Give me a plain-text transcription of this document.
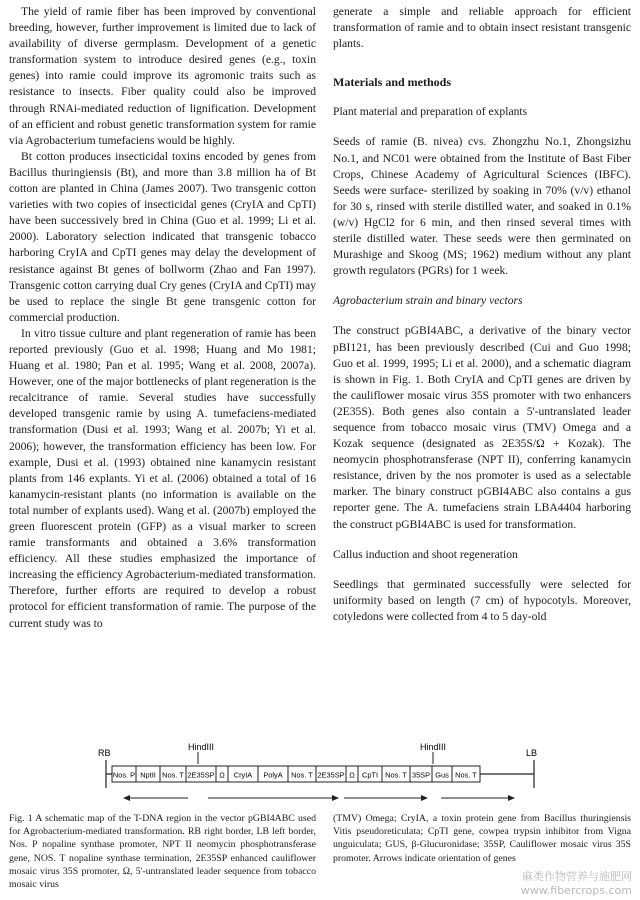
The yield of ramie fiber has been improved by conventional breeding, however, further improvement is limited due to lack of availability of diverse germplasm. Development of a genetic transformation system to introduce desired genes (e.g., toxin genes) into ramie could improve its agromonic traits such as resistance to insects. Fiber quality could also be improved through RNAi-mediated reduction of lignification. Development of an efficient and robust genetic transformation system for ramie via Agrobacterium tumefaciens would be highly.

Bt cotton produces insecticidal toxins encoded by genes from Bacillus thuringiensis (Bt), and more than 3.8 million ha of Bt cotton are planted in China (James 2007). Two transgenic cotton varieties with two copies of insecticidal genes (CryIA and CpTI) have been successively bred in China (Guo et al. 1999; Li et al. 2000). Laboratory selection indicated that transgenic tobacco harboring CryIA and CpTI genes may delay the development of resistance against Bt genes of bollworm (Zhao and Fan 1997). Transgenic cotton carrying dual Cry genes (CryIA and CpTI) may be used to replace the single Bt gene transgenic cotton for commercial production.

In vitro tissue culture and plant regeneration of ramie has been reported previously (Guo et al. 1998; Huang and Mo 1981; Huang et al. 1980; Pan et al. 1995; Wang et al. 2008, 2007a). However, one of the major bottlenecks of plant regeneration is the recalcitrance of ramie. Several studies have successfully developed transgenic ramie by using A. tumefaciens-mediated transformation (Dusi et al. 1993; Wang et al. 2007b; Yi et al. 2006); however, the transformation efficiency has been low. For example, Dusi et al. (1993) obtained nine kanamycin resistant plants from 146 explants. Yi et al. (2006) obtained a total of 16 kanamycin-resistant plants (no information is available on the total number of explants used). Wang et al. (2007b) employed the green fluorescent protein (GFP) as a visual marker to screen ramie transformants and obtained a 3.6% transformation efficiency. All these studies emphasized the importance of increasing the efficiency Agrobacterium-mediated transformation. Therefore, further efforts are required to develop a robust protocol for efficient transformation of ramie. The purpose of the current study was to

generate a simple and reliable approach for efficient transformation of ramie and to obtain insect resistant transgenic plants.

Materials and methods

Plant material and preparation of explants

Seeds of ramie (B. nivea) cvs. Zhongzhu No.1, Zhongsizhu No.1, and NC01 were obtained from the Institute of Bast Fiber Crops, Chinese Academy of Agricultural Sciences (IBFC). Seeds were surface- sterilized by soaking in 70% (v/v) ethanol for 30 s, rinsed with sterile distilled water, and soaked in 0.1% (w/v) HgCl2 for 6 min, and then rinsed several times with sterile distilled water. These seeds were then germinated on Murashige and Skoog (MS; 1962) medium without any plant growth regulators (PGRs) for 1 week.

Agrobacterium strain and binary vectors

The construct pGBI4ABC, a derivative of the binary vector pBI121, has been previously described (Cui and Guo 1998; Guo et al. 1999, 1995; Li et al. 2000), and a schematic diagram is shown in Fig. 1. Both CryIA and CpTI genes are driven by the cauliflower mosaic virus 35S promoter with two enhancers (2E35S). Both genes also contain a 5'-untranslated leader sequence from tobacco mosaic virus (TMV) Omega and a Kozak sequence (designated as 2E35S/Ω + Kozak). The neomycin phosphotransferase (NPT II), conferring kanamycin resistance, driven by the nos promoter is used as a selectable marker. The binary construct pGBI4ABC also contains a gus reporter gene. The A. tumefaciens strain LBA4404 harboring the construct pGBI4ABC is used for transformation.

Callus induction and shoot regeneration

Seedlings that germinated successfully were selected for uniformity based on length (7 cm) of hypocotyls. Moreover, cotyledons were collected from 4 to 5 day-old

RB	LB
HindIII	HindIII
Nos. P NptII Nos. T 2E35SP Ω CryIA PolyA Nos. T 2E35SP Ω CpTI Nos. T 35SP Gus Nos. T
Fig. 1 A schematic map of the T-DNA region in the vector pGBI4ABC used for Agrobacterium-mediated transformation. RB right border, LB left border, Nos. P nopaline synthase promoter, NPT II neomycin phosphotransferase gene, NOS. T nopaline synthase termination, 2E35SP enhanced cauliflower mosaic virus 35S promoter, Ω, 5'-untranslated leader sequence from tobacco mosaic virus
(TMV) Omega; CryIA, a toxin protein gene from Bacillus thuringiensis Vitis pseudoreticulata; CpTI gene, cowpea trypsin inhibitor from Vigna unguiculata; GUS, β-Glucuronidase; 35SP, Cauliflower mosaic virus 35S promoter. Arrows indicate orientation of genes
麻类作物营养与施肥网
www.fibercrops.com
